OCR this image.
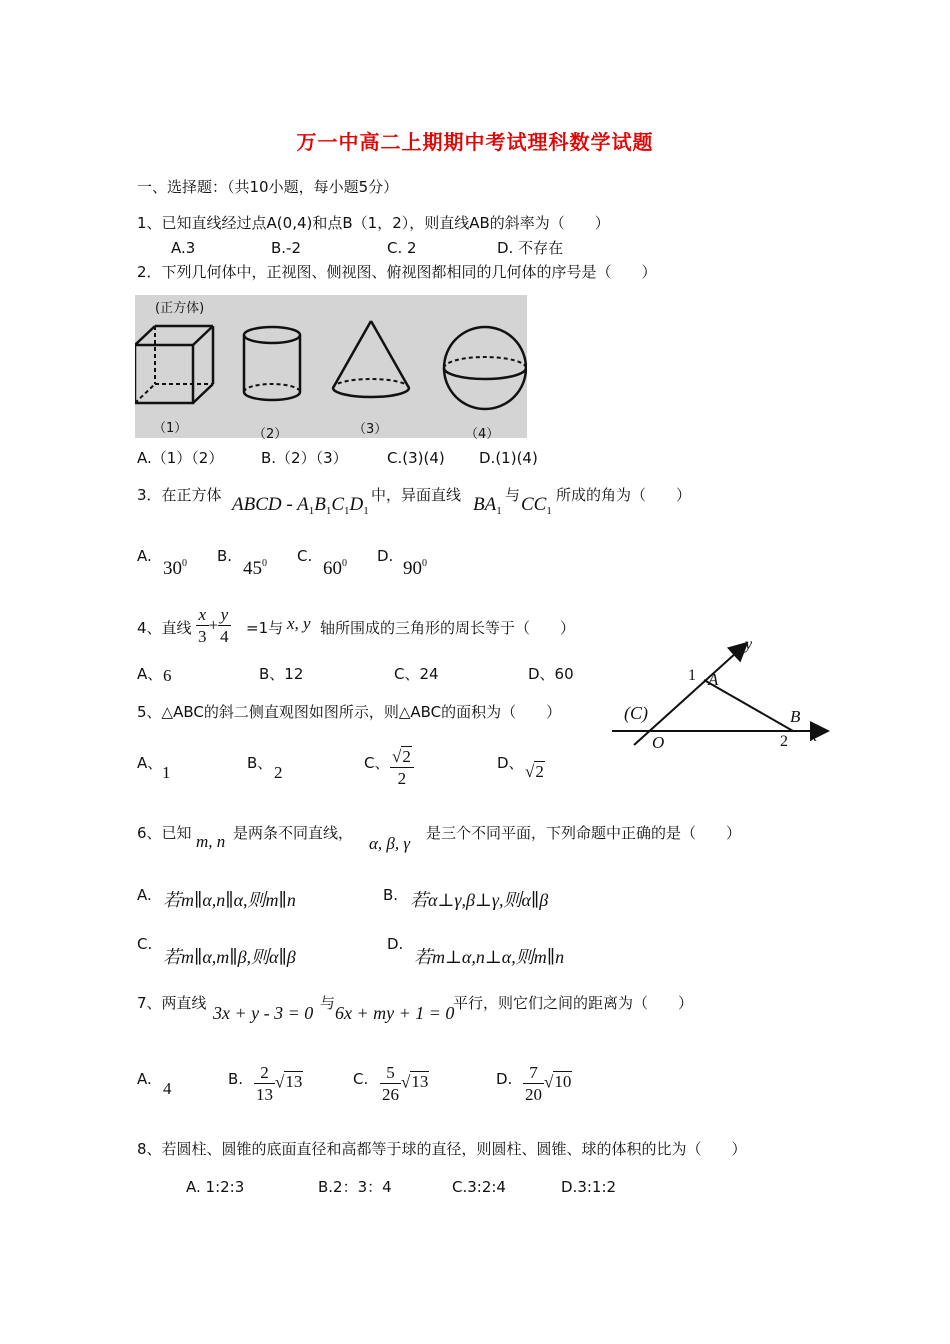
万一中高二上期期中考试理科数学试题
一、选择题：（共10小题，每小题5分）
1、已知直线经过点A(0,4)和点B（1，2），则直线AB的斜率为（　　）
A.3	B.-2	C. 2	D. 不存在
2．下列几何体中，正视图、侧视图、俯视图都相同的几何体的序号是（　　）
(正方体)
（1）	（2）	（3）	（4）
A.（1）（2）	B.（2）（3）	C.(3)(4) D.(1)(4)
3．在正方体 ABCD - $A_1B_1C_1D_1$
中，异面直线 $BA_1$
与 $CC_1$
所成的角为（　　）
A.
$30^0$ B.
$45^0$ C.
$60^0$ D.
$90^0$
4、直线 $\frac{x}{3} + \frac{y}{4} =1$与 x, y 轴所围成的三角形的周长等于（　　）
A、 6	B、12	C、24	D、60
y
x
1 A
(C)	B
O	2
5、△ABC的斜二侧直观图如图所示，则△ABC的面积为（　　）
A、 1	B、 2	C、 $\frac{√2}{2}$	D、 √2
6、已知 m, n 是两条不同直线，
α, β, γ
是三个不同平面，下列命题中正确的是（　　）
A. 若m∥α,n∥α,则m∥n	B. 若α⊥γ,β⊥γ,则α∥β
C.
若m∥α,m∥β,则α∥β
D.
若m⊥α,n⊥α,则m∥n
7、两直线 3x + y - 3 = 0 与 6x + my + 1 = 0
平行，则它们之间的距离为（　　）
A. 4	B. $\frac{2}{13} √13$	C. $\frac{5}{26} √13$	D. $\frac{7}{20} √10$
8、若圆柱、圆锥的底面直径和高都等于球的直径，则圆柱、圆锥、球的体积的比为（　　）
A. 1:2:3	B.2：3：4	C.3:2:4	D.3:1:2
